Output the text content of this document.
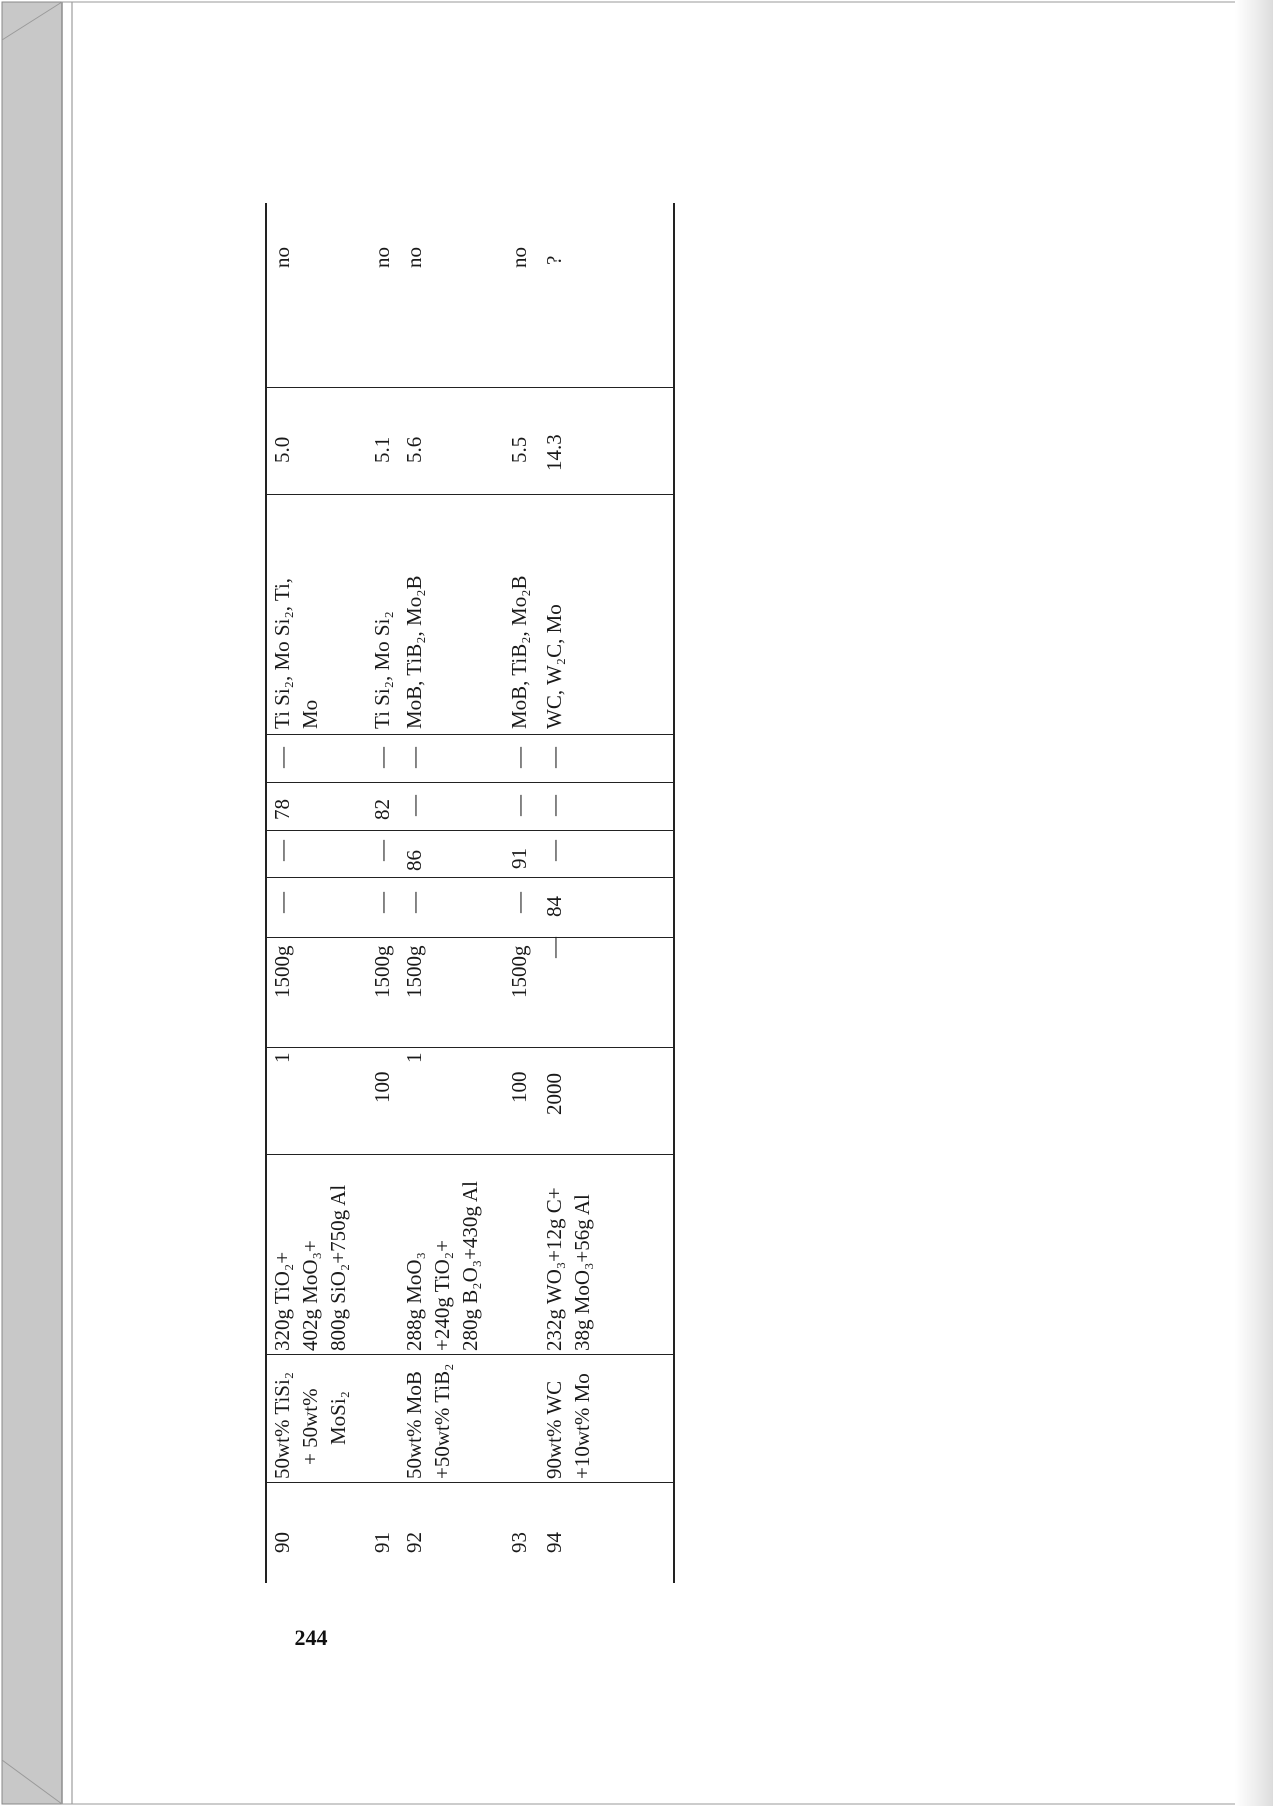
244
90
50wt% TiSi₂ + 50wt% MoSi₂
320g TiO₂+ 402g MoO₃+ 800g SiO₂+750g Al
1
1500g
—
—
78
—
Ti Si₂, Mo Si₂, Ti, Mo
5.0
no
91
100
1500g
—
—
82
—
Ti Si₂, Mo Si₂
5.1
no
92
50wt% MoB +50wt% TiB₂
288g MoO₃ +240g TiO₂+ 280g B₂O₃+430g Al
1
1500g
—
86
—
—
MoB, TiB₂, Mo₂B
5.6
no
93
100
1500g
—
91
—
—
MoB, TiB₂, Mo₂B
5.5
no
94
90wt% WC +10wt% Mo
232g WO₃+12g C+ 38g MoO₃+56g Al
2000
—
84
—
—
—
WC, W₂C, Mo
14.3
?
